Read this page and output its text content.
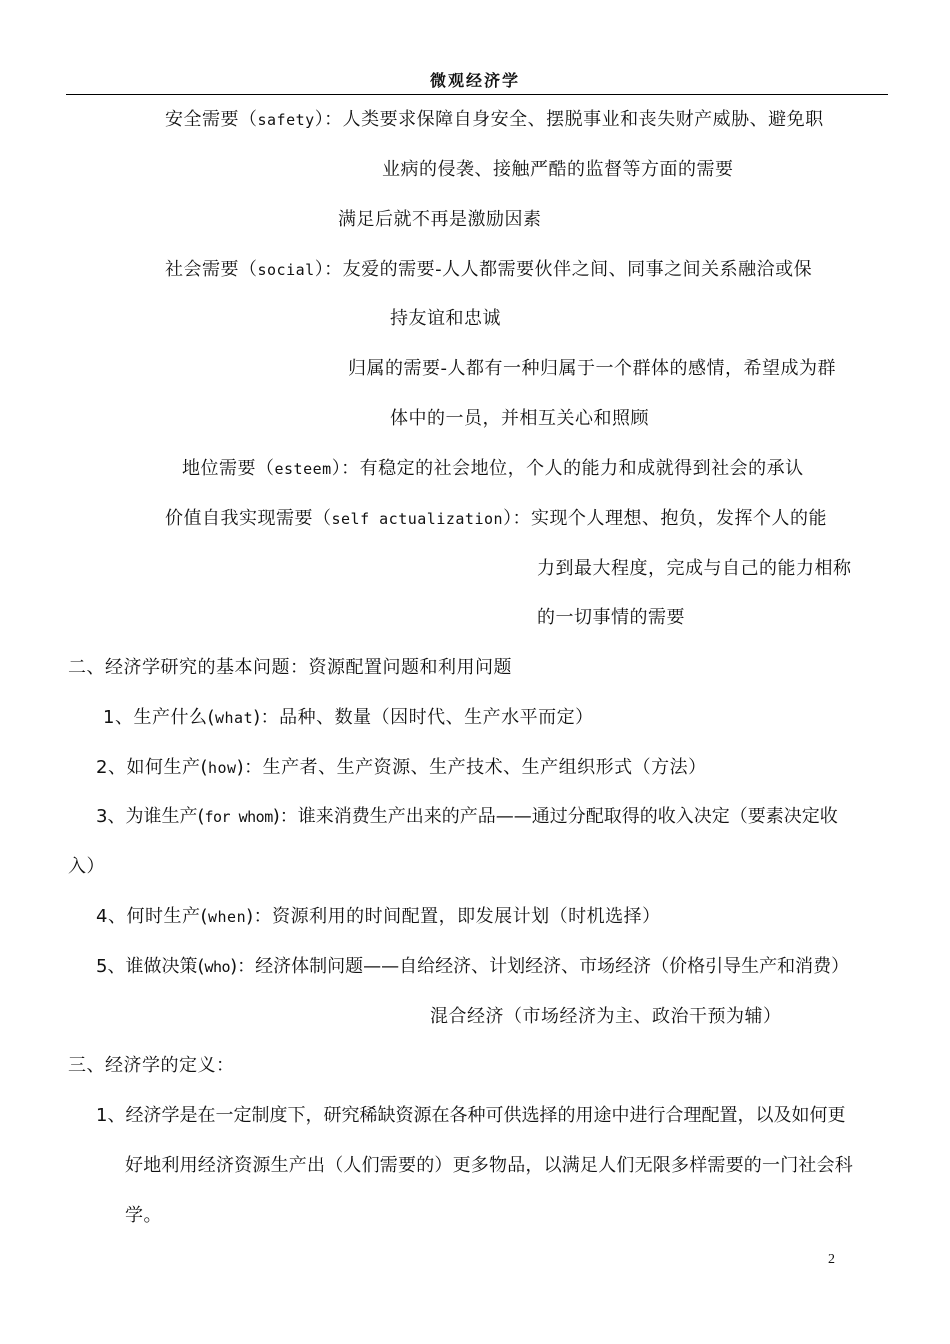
微观经济学
安全需要（safety）：人类要求保障自身安全、摆脱事业和丧失财产威胁、避免职
业病的侵袭、接触严酷的监督等方面的需要
满足后就不再是激励因素
社会需要（social）：友爱的需要-人人都需要伙伴之间、同事之间关系融洽或保
持友谊和忠诚
归属的需要-人都有一种归属于一个群体的感情，希望成为群
体中的一员，并相互关心和照顾
地位需要（esteem）：有稳定的社会地位，个人的能力和成就得到社会的承认
价值自我实现需要（self actualization）：实现个人理想、抱负，发挥个人的能
力到最大程度，完成与自己的能力相称
的一切事情的需要
二、经济学研究的基本问题：资源配置问题和利用问题
1、生产什么(what)：品种、数量（因时代、生产水平而定）
2、如何生产(how)：生产者、生产资源、生产技术、生产组织形式（方法）
3、为谁生产(for whom)：谁来消费生产出来的产品——通过分配取得的收入决定（要素决定收
入）
4、何时生产(when)：资源利用的时间配置，即发展计划（时机选择）
5、谁做决策(who)：经济体制问题——自给经济、计划经济、市场经济（价格引导生产和消费）
混合经济（市场经济为主、政治干预为辅）
三、经济学的定义：
1、经济学是在一定制度下，研究稀缺资源在各种可供选择的用途中进行合理配置，以及如何更
好地利用经济资源生产出（人们需要的）更多物品，以满足人们无限多样需要的一门社会科
学。
2
